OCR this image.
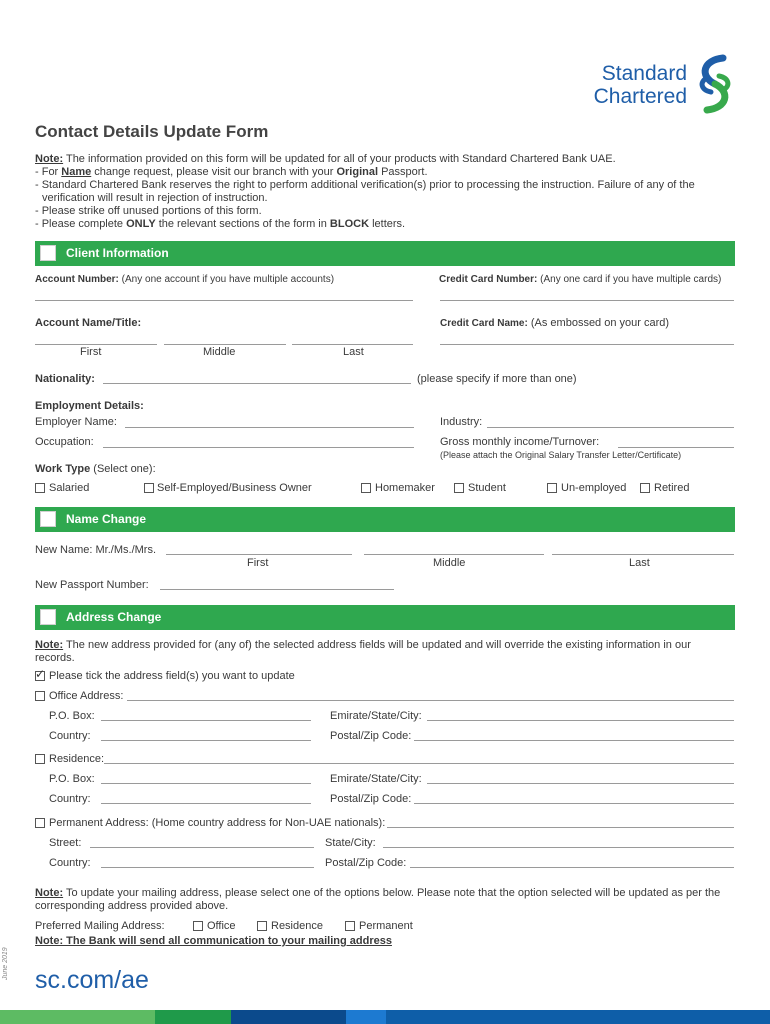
Standard
Chartered
Contact Details Update Form
Note: The information provided on this form will be updated for all of your products with Standard Chartered Bank UAE.
- For Name change request, please visit our branch with your Original Passport.
- Standard Chartered Bank reserves the right to perform additional verification(s) prior to processing the instruction. Failure of any of the verification will result in rejection of instruction.
- Please strike off unused portions of this form.
- Please complete ONLY the relevant sections of the form in BLOCK letters.
Client Information
Account Number: (Any one account if you have multiple accounts)	Credit Card Number: (Any one card if you have multiple cards)
Account Name/Title:	Credit Card Name: (As embossed on your card)
First	Middle	Last
Nationality:	(please specify if more than one)
Employment Details:
Employer Name:	Industry:
Occupation:	Gross monthly income/Turnover:
(Please attach the Original Salary Transfer Letter/Certificate)
Work Type (Select one):
Salaried	Self-Employed/Business Owner	Homemaker	Student	Un-employed	Retired
Name Change
New Name: Mr./Ms./Mrs.
First	Middle	Last
New Passport Number:
Address Change
Note: The new address provided for (any of) the selected address fields will be updated and will override the existing information in our records.
✓ Please tick the address field(s) you want to update
Office Address:
P.O. Box:	Emirate/State/City:
Country:	Postal/Zip Code:
Residence:
P.O. Box:	Emirate/State/City:
Country:	Postal/Zip Code:
Permanent Address: (Home country address for Non-UAE nationals):
Street:	State/City:
Country:	Postal/Zip Code:
Note: To update your mailing address, please select one of the options below. Please note that the option selected will be updated as per the corresponding address provided above.
Preferred Mailing Address:	Office	Residence	Permanent
Note: The Bank will send all communication to your mailing address
June 2019 sc.com/ae
